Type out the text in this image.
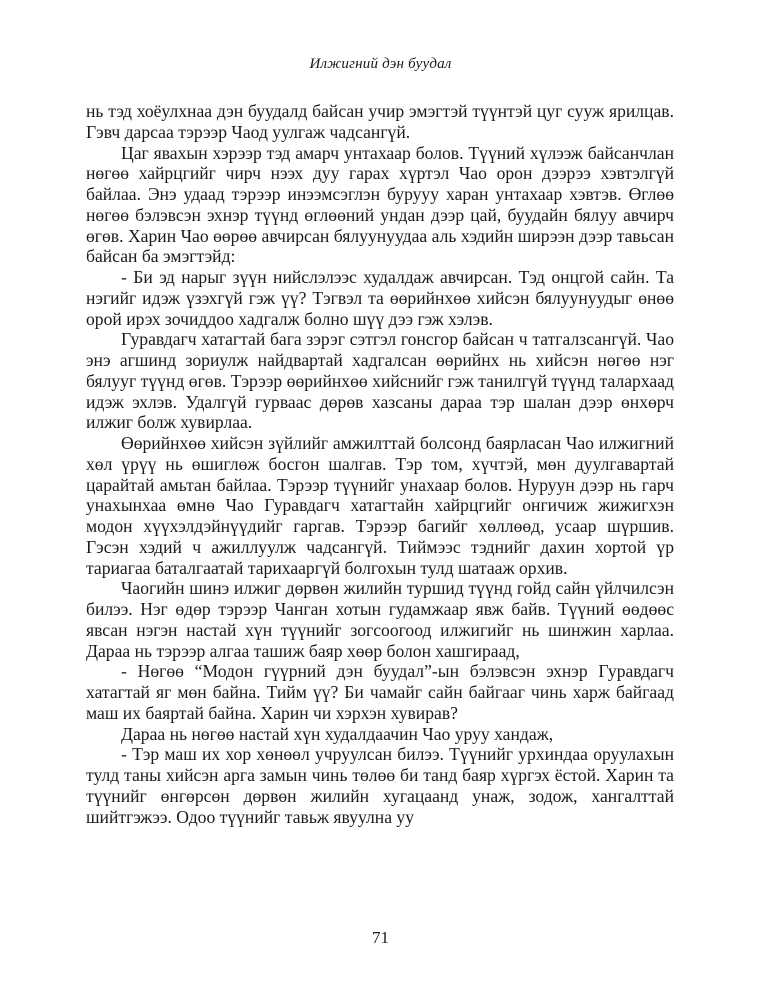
Илжигний дэн буудал

нь тэд хоёулхнаа дэн буудалд байсан учир эмэгтэй түүнтэй цуг сууж ярилцав. Гэвч дарсаа тэрээр Чаод уулгаж чадсангүй.

Цаг явахын хэрээр тэд амарч унтахаар болов. Түүний хүлээж байсанчлан нөгөө хайрцгийг чирч нээх дуу гарах хүртэл Чао орон дээрээ хэвтэлгүй байлаа. Энэ удаад тэрээр инээмсэглэн бурууу харан унтахаар хэвтэв. Өглөө нөгөө бэлэвсэн эхнэр түүнд өглөөний ундан дээр цай, буудайн бялуу авчирч өгөв. Харин Чао өөрөө авчирсан бялуунуудаа аль хэдийн ширээн дээр тавьсан байсан ба эмэгтэйд:

- Би эд нарыг зүүн нийслэлээс худалдаж авчирсан. Тэд онцгой сайн. Та нэгийг идэж үзэхгүй гэж үү? Тэгвэл та өөрийнхөө хийсэн бялуунуудыг өнөө орой ирэх зочиддоо хадгалж болно шүү дээ гэж хэлэв.

Гуравдагч хатагтай бага зэрэг сэтгэл гонсгор байсан ч татгалзсангүй. Чао энэ агшинд зориулж найдвартай хадгалсан өөрийнх нь хийсэн нөгөө нэг бялууг түүнд өгөв. Тэрээр өөрийнхөө хийснийг гэж танилгүй түүнд талархаад идэж эхлэв. Удалгүй гурваас дөрөв хазсаны дараа тэр шалан дээр өнхөрч илжиг болж хувирлаа.

Өөрийнхөө хийсэн зүйлийг амжилттай болсонд баярласан Чао илжигний хөл үрүү нь өшиглөж босгон шалгав. Тэр том, хүчтэй, мөн дуулгавартай царайтай амьтан байлаа. Тэрээр түүнийг унахаар болов. Нуруун дээр нь гарч унахынхаа өмнө Чао Гуравдагч хатагтайн хайрцгийг онгичиж жижигхэн модон хүүхэлдэйнүүдийг гаргав. Тэрээр багийг хөллөөд, усаар шүршив. Гэсэн хэдий ч ажиллуулж чадсангүй. Тиймээс тэднийг дахин хортой үр тариагаа баталгаатай тарихааргүй болгохын тулд шатааж орхив.

Чаогийн шинэ илжиг дөрвөн жилийн туршид түүнд гойд сайн үйлчилсэн билээ. Нэг өдөр тэрээр Чанган хотын гудамжаар явж байв. Түүний өөдөөс явсан нэгэн настай хүн түүнийг зогсоогоод илжигийг нь шинжин харлаа. Дараа нь тэрээр алгаа ташиж баяр хөөр болон хашгираад,

- Нөгөө “Модон гүүрний дэн буудал”-ын бэлэвсэн эхнэр Гуравдагч хатагтай яг мөн байна. Тийм үү? Би чамайг сайн байгааг чинь харж байгаад маш их баяртай байна. Харин чи хэрхэн хувирав?

Дараа нь нөгөө настай хүн худалдаачин Чао уруу хандаж,

- Тэр маш их хор хөнөөл учруулсан билээ. Түүнийг урхиндаа оруулахын тулд таны хийсэн арга замын чинь төлөө би танд баяр хүргэх ёстой. Харин та түүнийг өнгөрсөн дөрвөн жилийн хугацаанд унаж, зодож, хангалттай шийтгэжээ. Одоо түүнийг тавьж явуулна уу

71
